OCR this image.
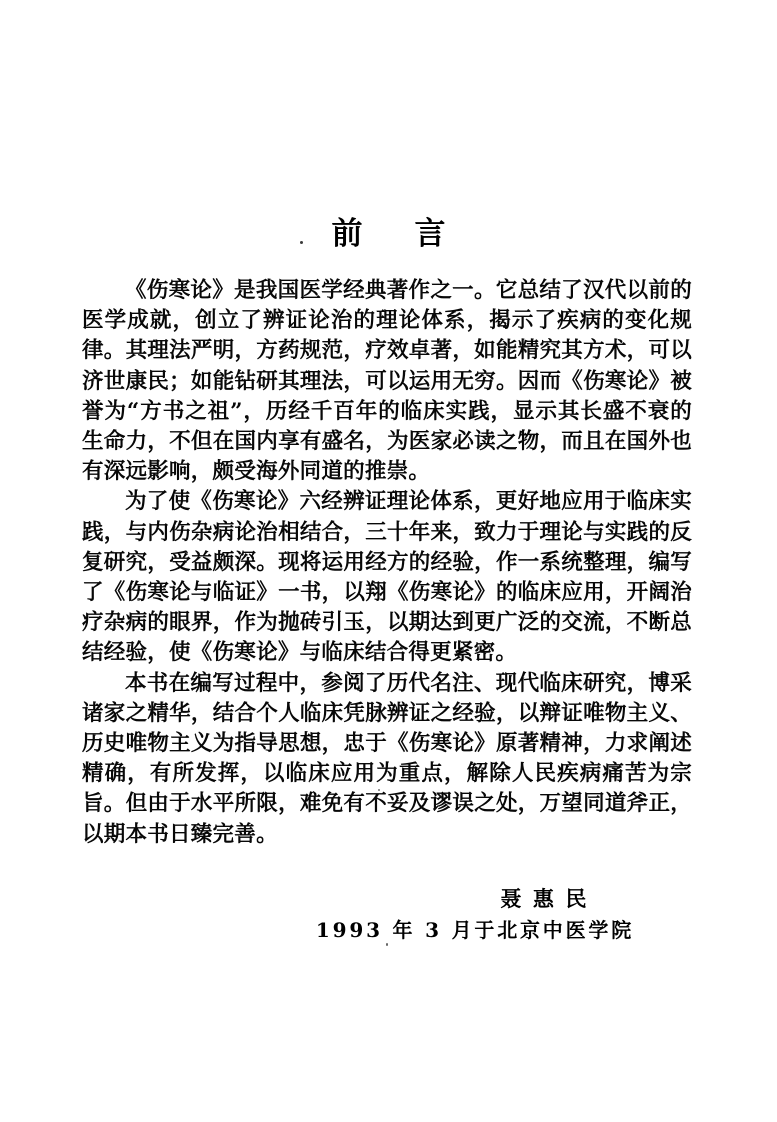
前　言

《伤寒论》是我国医学经典著作之一。它总结了汉代以前的医学成就，创立了辨证论治的理论体系，揭示了疾病的变化规律。其理法严明，方药规范，疗效卓著，如能精究其方术，可以济世康民；如能钻研其理法，可以运用无穷。因而《伤寒论》被誉为“方书之祖”，历经千百年的临床实践，显示其长盛不衰的生命力，不但在国内享有盛名，为医家必读之物，而且在国外也有深远影响，颇受海外同道的推崇。

为了使《伤寒论》六经辨证理论体系，更好地应用于临床实践，与内伤杂病论治相结合，三十年来，致力于理论与实践的反复研究，受益颇深。现将运用经方的经验，作一系统整理，编写了《伤寒论与临证》一书，以翔《伤寒论》的临床应用，开阔治疗杂病的眼界，作为抛砖引玉，以期达到更广泛的交流，不断总结经验，使《伤寒论》与临床结合得更紧密。

本书在编写过程中，参阅了历代名注、现代临床研究，博采诸家之精华，结合个人临床凭脉辨证之经验，以辩证唯物主义、历史唯物主义为指导思想，忠于《伤寒论》原著精神，力求阐述精确，有所发挥，以临床应用为重点，解除人民疾病痛苦为宗旨。但由于水平所限，难免有不妥及谬误之处，万望同道斧正，以期本书日臻完善。

聂惠民

1993 年 3 月于北京中医学院
